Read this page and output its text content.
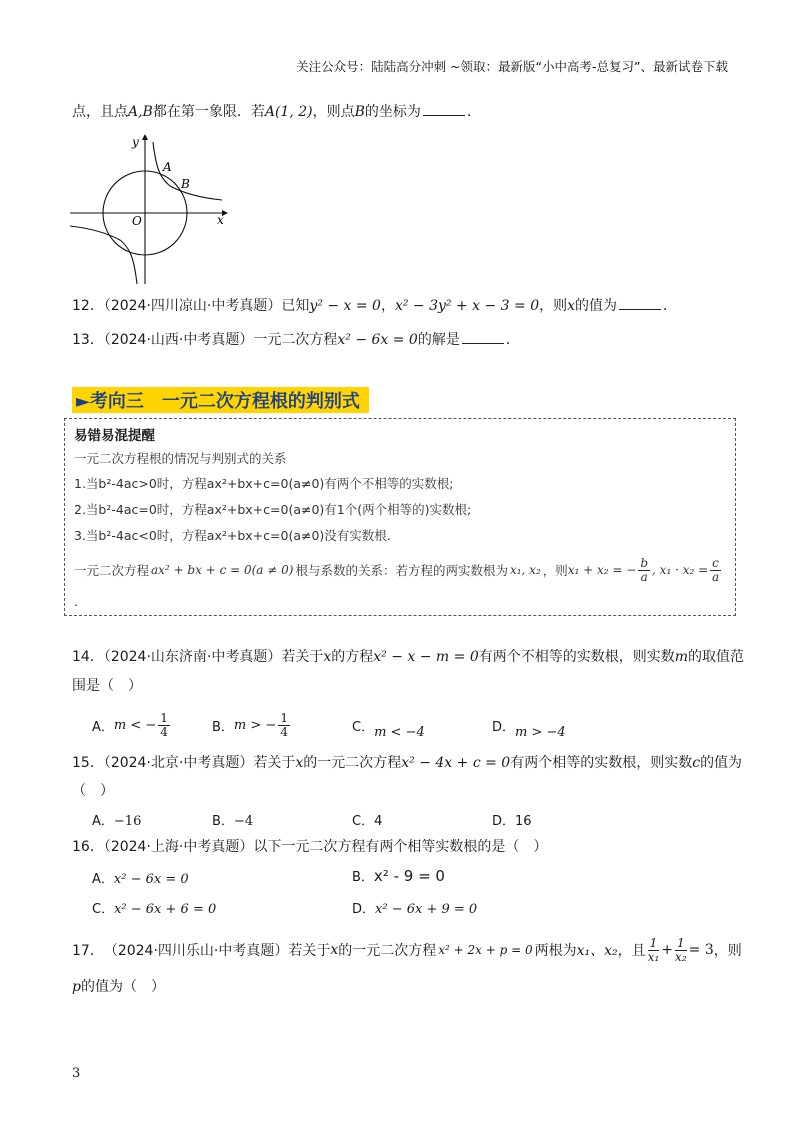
关注公众号：陆陆高分冲刺 ~领取：最新版“小中高考-总复习”、最新试卷下载
点，且点A,B都在第一象限．若A(1, 2)，则点B的坐标为	．
y
x
O
A
B
12．（2024·四川凉山·中考真题）已知y² − x = 0，x² − 3y² + x − 3 = 0，则x的值为	．
13．（2024·山西·中考真题）一元二次方程x² − 6x = 0的解是	．
►考向三　一元二次方程根的判别式
易错易混提醒
一元二次方程根的情况与判别式的关系
1.当b²-4ac>0时，方程ax²+bx+c=0(a≠0)有两个不相等的实数根;
2.当b²-4ac=0时，方程ax²+bx+c=0(a≠0)有1个(两个相等的)实数根;
3.当b²-4ac<0时，方程ax²+bx+c=0(a≠0)没有实数根.
一元二次方程 ax² + bx + c = 0(a ≠ 0) 根与系数的关系：若方程的两实数根为 x₁, x₂ ，则 x₁ + x₂ = − $\frac{b}{a}$ , $x_1 \cdot x_2 = \frac{c}{a}$
.
14．（2024·山东济南·中考真题）若关于x的方程x² − x − m = 0有两个不相等的实数根，则实数m的取值范
围是（　）
A． m < − $\frac{1}{4}$	B． m > − $\frac{1}{4}$	C．m < −4	D．m > −4
15．（2024·北京·中考真题）若关于x的一元二次方程x² − 4x + c = 0有两个相等的实数根，则实数c的值为
（　）
A．−16	B．−4	C．4	D．16
16．（2024·上海·中考真题）以下一元二次方程有两个相等实数根的是（　）
A．x² − 6x = 0	B．x² - 9 = 0
C．x² − 6x + 6 = 0	D．x² − 6x + 9 = 0
17． （2024·四川乐山·中考真题） 若关于 x 的一元二次方程 x² + 2x + p = 0 两根为 x₁、x₂ ，且 $\frac{1}{\text{x₁}} + \frac{1}{\text{x₂}} = 3$ ，则
p的值为（　）
3
